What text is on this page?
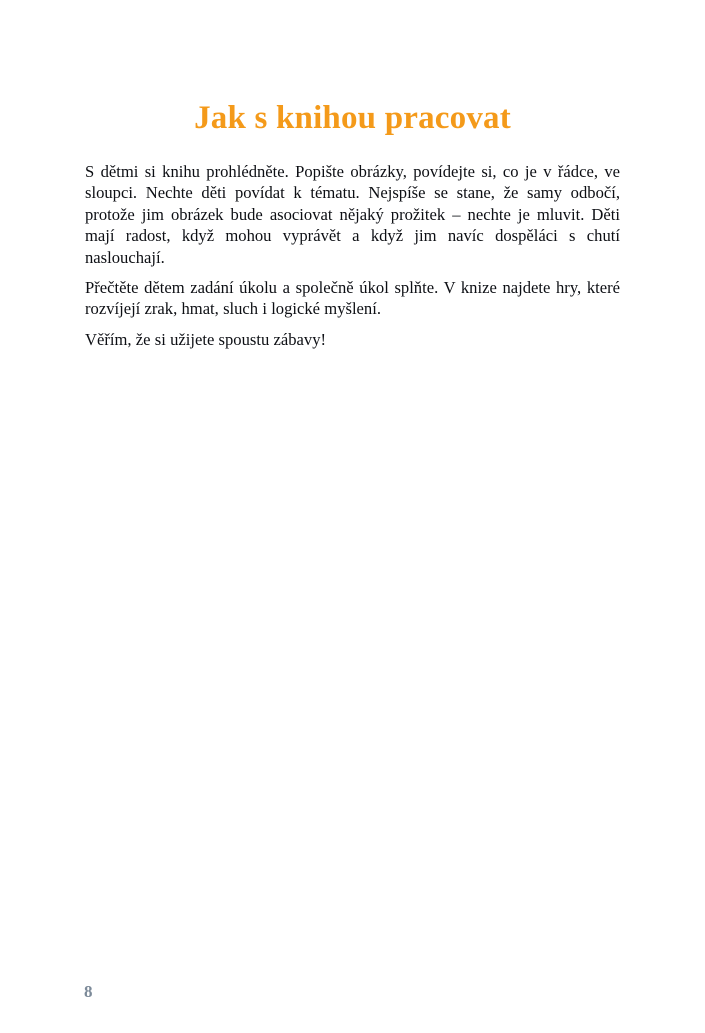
Jak s knihou pracovat

S dětmi si knihu prohlédněte. Popište obrázky, povídejte si, co je v řádce, ve sloupci. Nechte děti povídat k tématu. Nejspíše se stane, že samy odbočí, protože jim obrázek bude asociovat nějaký prožitek – nechte je mluvit. Děti mají radost, když mohou vyprávět a když jim navíc dospěláci s chutí naslouchají.

Přečtěte dětem zadání úkolu a společně úkol splňte. V knize najdete hry, které rozvíjejí zrak, hmat, sluch i logické myšlení.

Věřím, že si užijete spoustu zábavy!

8
